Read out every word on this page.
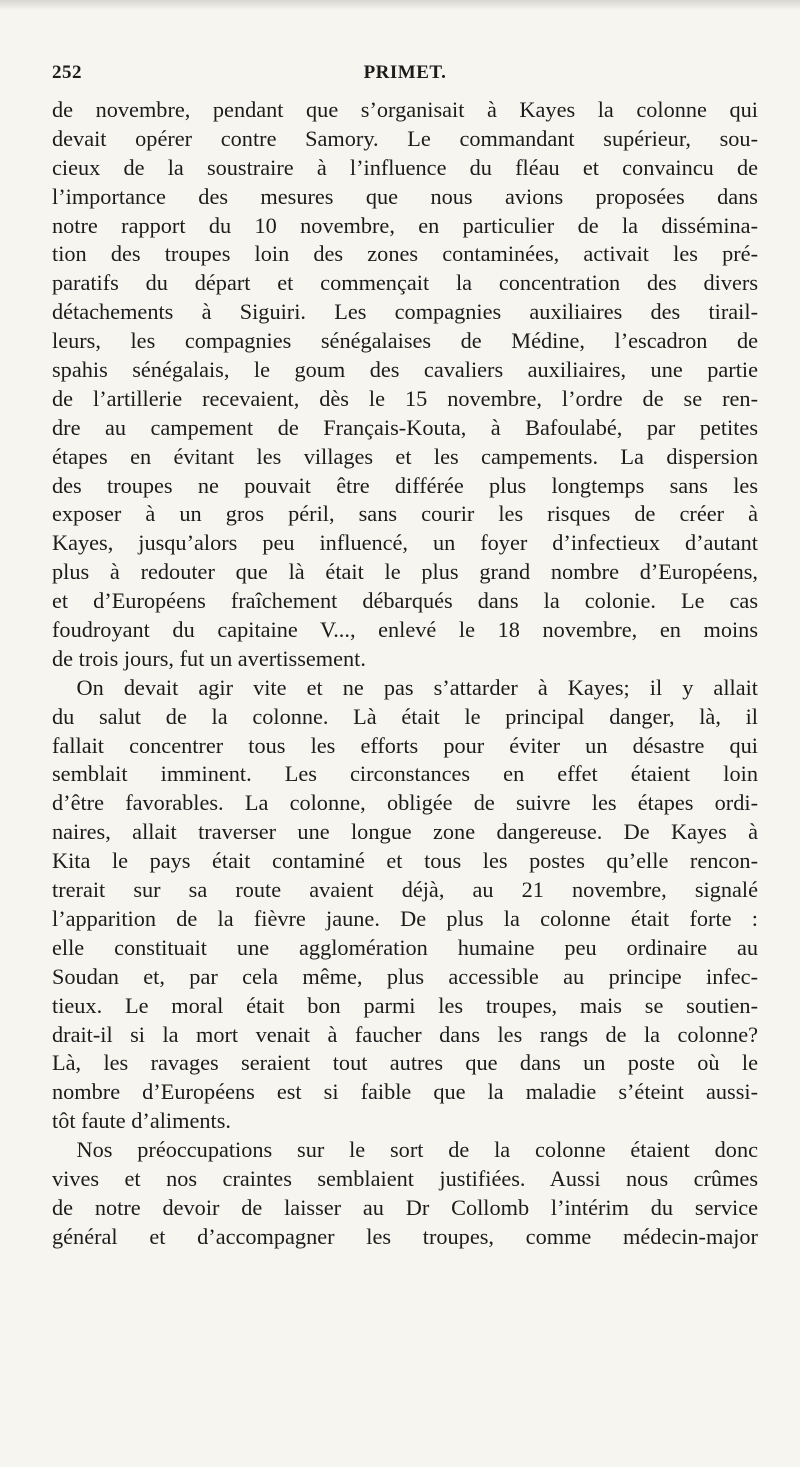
PRIMET.
252

de novembre, pendant que s’organisait à Kayes la colonne qui

devait opérer contre Samory. Le commandant supérieur, sou-

cieux de la soustraire à l’influence du fléau et convaincu de

l’importance des mesures que nous avions proposées dans

notre rapport du 10 novembre, en particulier de la dissémina-

tion des troupes loin des zones contaminées, activait les pré-

paratifs du départ et commençait la concentration des divers

détachements à Siguiri. Les compagnies auxiliaires des tirail-

leurs, les compagnies sénégalaises de Médine, l’escadron de

spahis sénégalais, le goum des cavaliers auxiliaires, une partie

de l’artillerie recevaient, dès le 15 novembre, l’ordre de se ren-

dre au campement de Français-Kouta, à Bafoulabé, par petites

étapes en évitant les villages et les campements. La dispersion

des troupes ne pouvait être différée plus longtemps sans les

exposer à un gros péril, sans courir les risques de créer à

Kayes, jusqu’alors peu influencé, un foyer d’infectieux d’autant

plus à redouter que là était le plus grand nombre d’Européens,

et d’Européens fraîchement débarqués dans la colonie. Le cas

foudroyant du capitaine V..., enlevé le 18 novembre, en moins

de trois jours, fut un avertissement.

On devait agir vite et ne pas s’attarder à Kayes; il y allait

du salut de la colonne. Là était le principal danger, là, il

fallait concentrer tous les efforts pour éviter un désastre qui

semblait imminent. Les circonstances en effet étaient loin

d’être favorables. La colonne, obligée de suivre les étapes ordi-

naires, allait traverser une longue zone dangereuse. De Kayes à

Kita le pays était contaminé et tous les postes qu’elle rencon-

trerait sur sa route avaient déjà, au 21 novembre, signalé

l’apparition de la fièvre jaune. De plus la colonne était forte :

elle constituait une agglomération humaine peu ordinaire au

Soudan et, par cela même, plus accessible au principe infec-

tieux. Le moral était bon parmi les troupes, mais se soutien-

drait-il si la mort venait à faucher dans les rangs de la colonne?

Là, les ravages seraient tout autres que dans un poste où le

nombre d’Européens est si faible que la maladie s’éteint aussi-

tôt faute d’aliments.

Nos préoccupations sur le sort de la colonne étaient donc

vives et nos craintes semblaient justifiées. Aussi nous crûmes

de notre devoir de laisser au Dr Collomb l’intérim du service

général et d’accompagner les troupes, comme médecin-major
